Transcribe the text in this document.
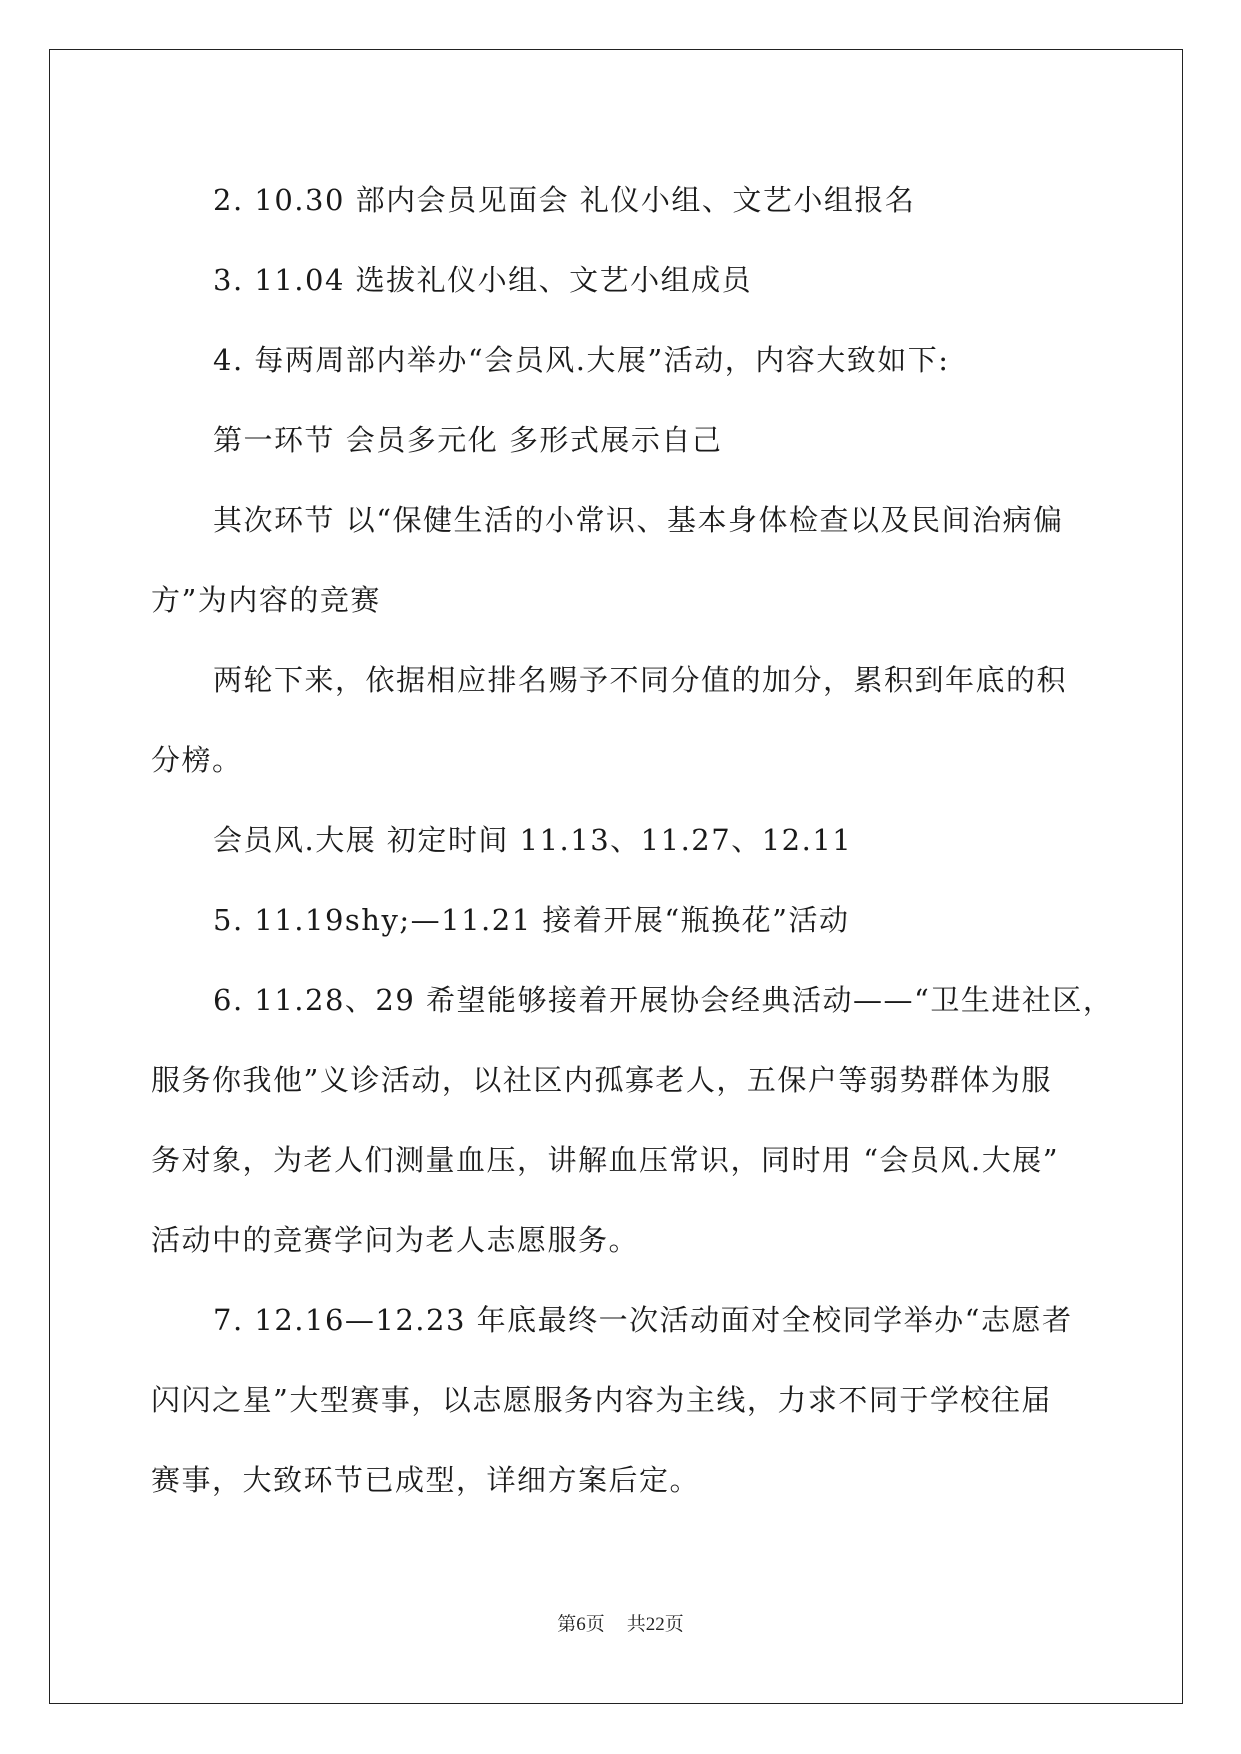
2. 10.30 部内会员见面会 礼仪小组、文艺小组报名

3. 11.04 选拔礼仪小组、文艺小组成员

4. 每两周部内举办“会员风.大展”活动，内容大致如下:

第一环节 会员多元化 多形式展示自己

其次环节 以“保健生活的小常识、基本身体检查以及民间治病偏

方”为内容的竞赛

两轮下来，依据相应排名赐予不同分值的加分，累积到年底的积

分榜。

会员风.大展 初定时间 11.13、11.27、12.11

5. 11.19shy;—11.21 接着开展“瓶换花”活动

6. 11.28、29 希望能够接着开展协会经典活动——“卫生进社区，

服务你我他”义诊活动，以社区内孤寡老人，五保户等弱势群体为服

务对象，为老人们测量血压，讲解血压常识，同时用 “会员风.大展”

活动中的竞赛学问为老人志愿服务。

7. 12.16—12.23 年底最终一次活动面对全校同学举办“志愿者

闪闪之星”大型赛事，以志愿服务内容为主线，力求不同于学校往届

赛事，大致环节已成型，详细方案后定。

第6页 共22页
